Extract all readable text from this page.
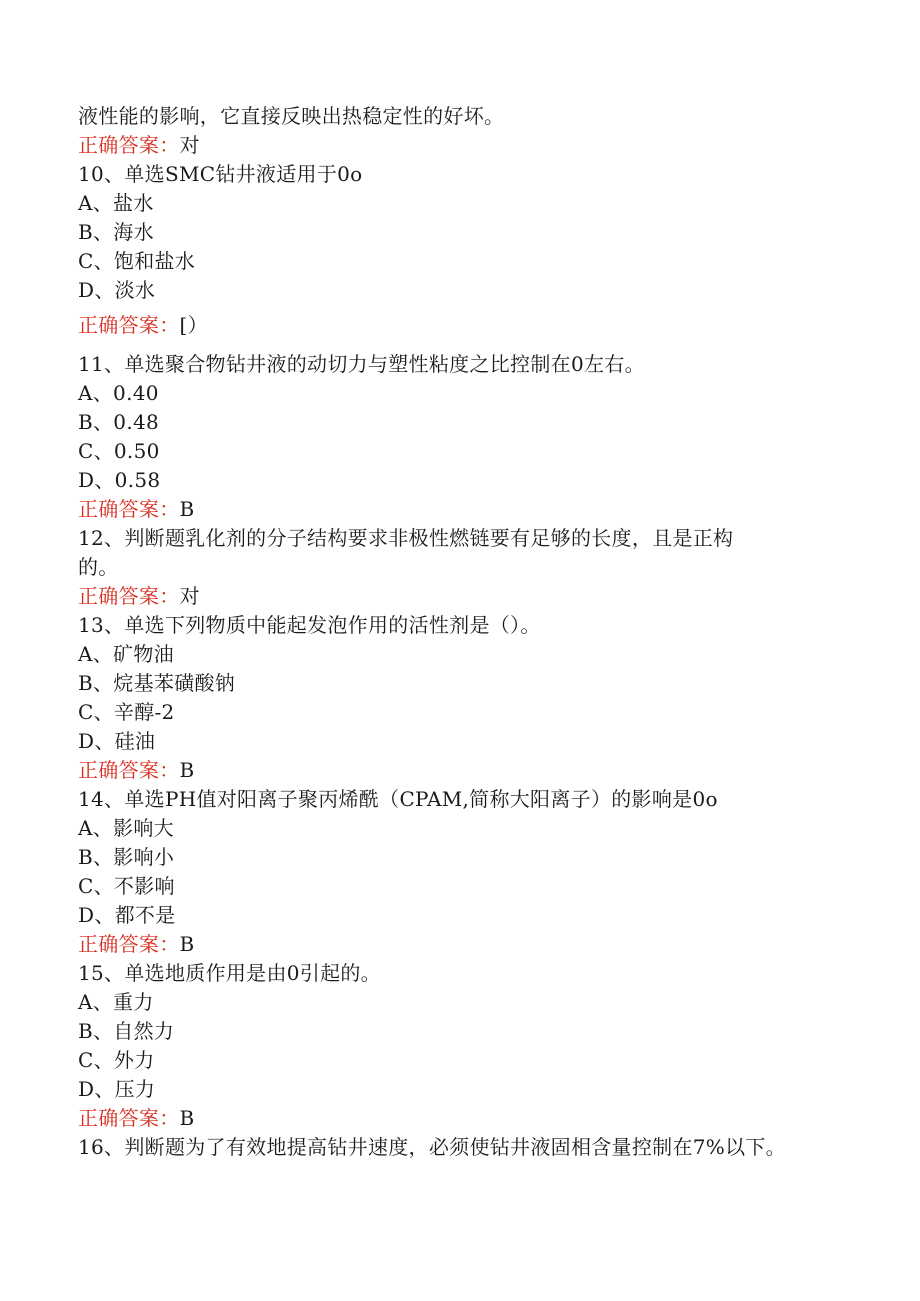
液性能的影响，它直接反映出热稳定性的好坏。
正确答案：对
10、单选SMC钻井液适用于0o
A、盐水
B、海水
C、饱和盐水
D、淡水
正确答案：[）
11、单选聚合物钻井液的动切力与塑性粘度之比控制在0左右。
A、0.40
B、0.48
C、0.50
D、0.58
正确答案：B
12、判断题乳化剂的分子结构要求非极性燃链要有足够的长度，且是正构
的。
正确答案：对
13、单选下列物质中能起发泡作用的活性剂是（）。
A、矿物油
B、烷基苯磺酸钠
C、辛醇-2
D、硅油
正确答案：B
14、单选PH值对阳离子聚丙烯酰（CPAM,简称大阳离子）的影响是0o
A、影响大
B、影响小
C、不影响
D、都不是
正确答案：B
15、单选地质作用是由0引起的。
A、重力
B、自然力
C、外力
D、压力
正确答案：B
16、判断题为了有效地提高钻井速度，必须使钻井液固相含量控制在7%以下。
